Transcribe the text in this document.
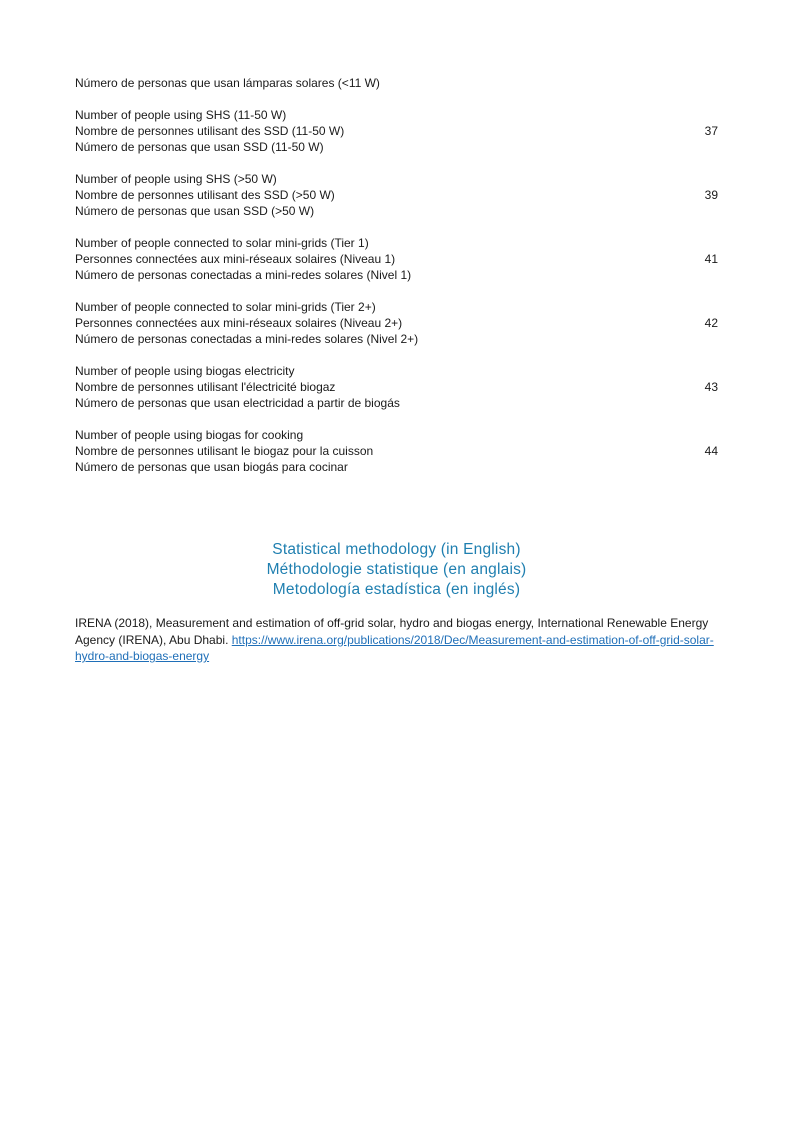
Número de personas que usan lámparas solares (<11 W)
Number of people using SHS (11-50 W)
Nombre de personnes utilisant des SSD (11-50 W)
Número de personas que usan SSD (11-50 W)
37
Number of people using SHS (>50 W)
Nombre de personnes utilisant des SSD (>50 W)
Número de personas que usan SSD (>50 W)
39
Number of people connected to solar mini-grids (Tier 1)
Personnes connectées aux mini-réseaux solaires (Niveau 1)
Número de personas conectadas a mini-redes solares (Nivel 1)
41
Number of people connected to solar mini-grids (Tier 2+)
Personnes connectées aux mini-réseaux solaires (Niveau 2+)
Número de personas conectadas a mini-redes solares (Nivel 2+)
42
Number of people using biogas electricity
Nombre de personnes utilisant l'électricité biogaz
Número de personas que usan electricidad a partir de biogás
43
Number of people using biogas for cooking
Nombre de personnes utilisant le biogaz pour la cuisson
Número de personas que usan biogás para cocinar
44
Statistical methodology (in English)
Méthodologie statistique (en anglais)
Metodología estadística (en inglés)
IRENA (2018), Measurement and estimation of off-grid solar, hydro and biogas energy, International Renewable Energy Agency (IRENA), Abu Dhabi. https://www.irena.org/publications/2018/Dec/Measurement-and-estimation-of-off-grid-solar-hydro-and-biogas-energy
